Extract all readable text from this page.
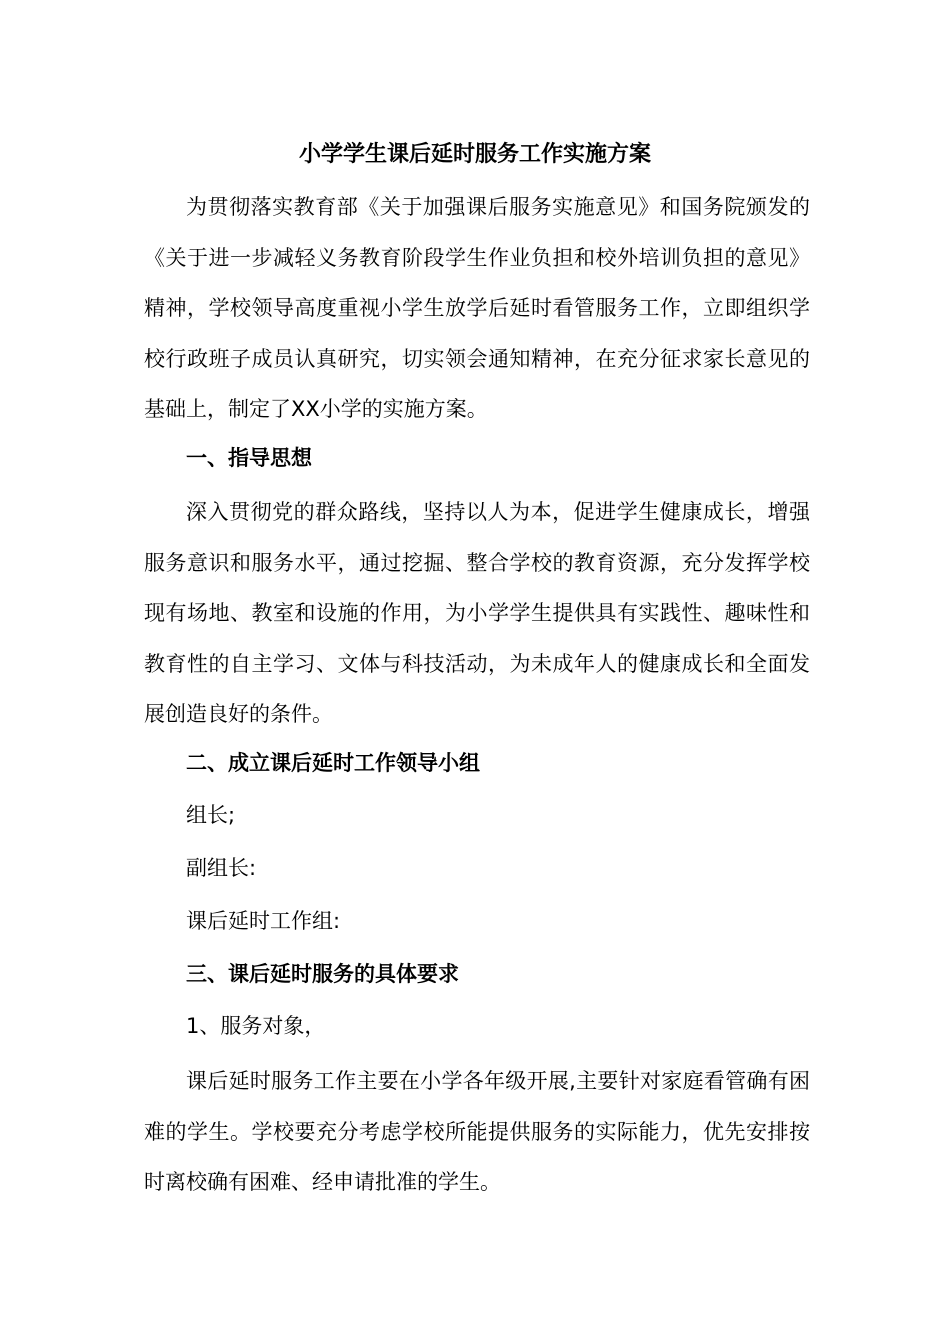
小学学生课后延时服务工作实施方案

为贯彻落实教育部《关于加强课后服务实施意见》和国务院颁发的《关于进一步减轻义务教育阶段学生作业负担和校外培训负担的意见》精神，学校领导高度重视小学生放学后延时看管服务工作，立即组织学校行政班子成员认真研究，切实领会通知精神，在充分征求家长意见的基础上，制定了XX小学的实施方案。

一、指导思想

深入贯彻党的群众路线，坚持以人为本，促进学生健康成长，增强服务意识和服务水平，通过挖掘、整合学校的教育资源，充分发挥学校现有场地、教室和设施的作用，为小学学生提供具有实践性、趣味性和教育性的自主学习、文体与科技活动，为未成年人的健康成长和全面发展创造良好的条件。

二、成立课后延时工作领导小组

组长;

副组长:

课后延时工作组:

三、课后延时服务的具体要求

1、服务对象，

课后延时服务工作主要在小学各年级开展,主要针对家庭看管确有困难的学生。学校要充分考虑学校所能提供服务的实际能力，优先安排按时离校确有困难、经申请批准的学生。
